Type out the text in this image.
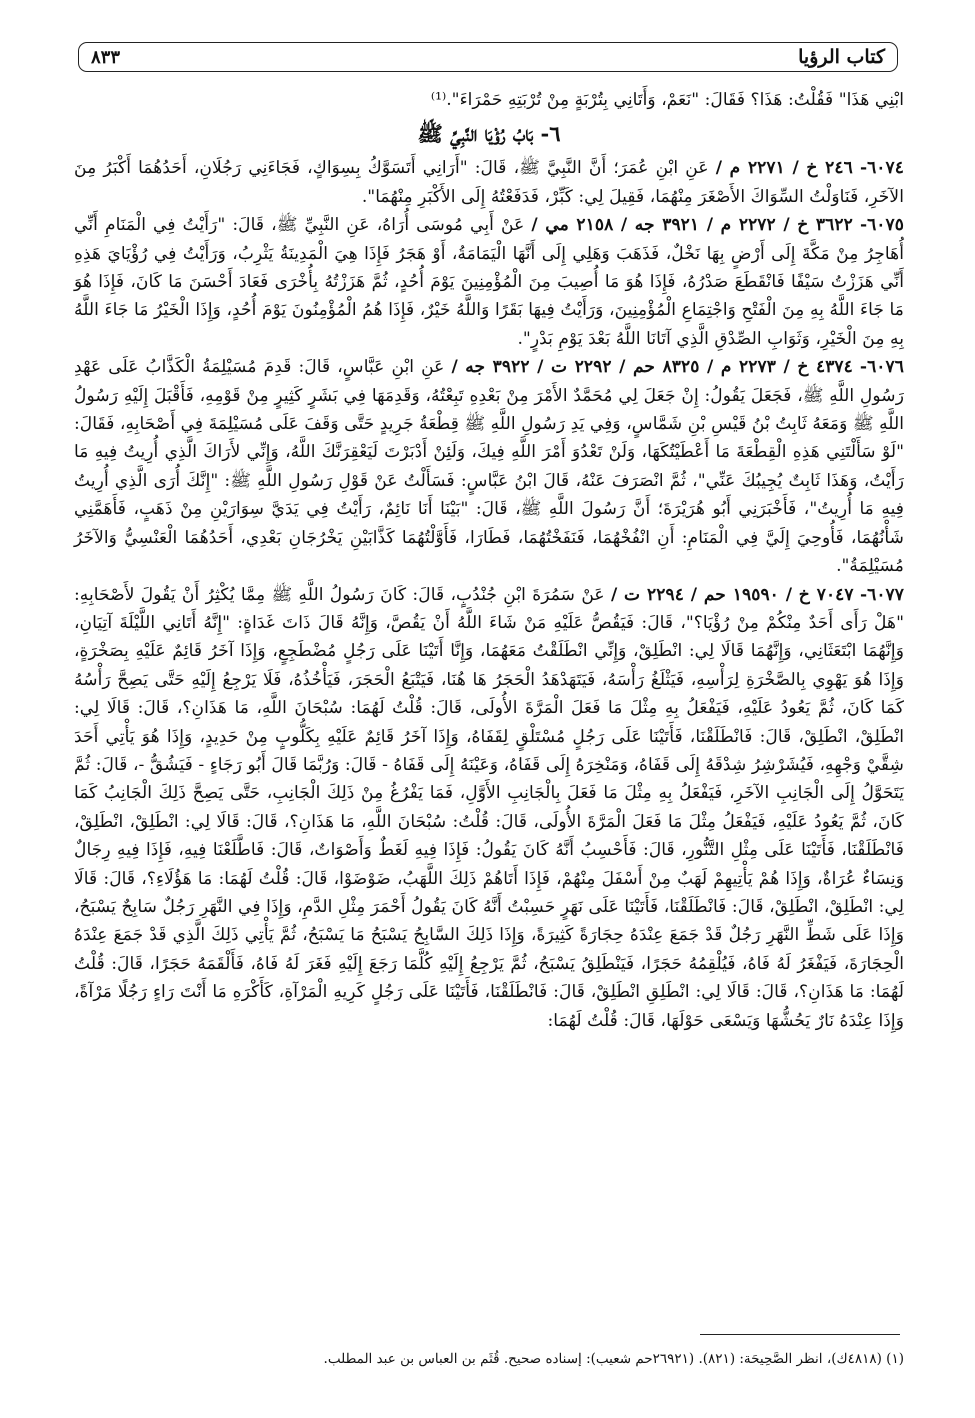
كتاب الرؤيا
٨٣٣

ابْنِي هَذَا" فَقُلْتُ: هَذَا؟ فَقَالَ: "نَعَمْ، وَأَتَانِي بِتُرْبَةٍ مِنْ تُرْبَتِهِ حَمْرَاءَ".⁽¹⁾

٦- بَابُ رُؤْيَا النَّبِيِّ ﷺ

٦٠٧٤- ٢٤٦ خ / ٢٢٧١ م / عَنِ ابْنِ عُمَرَ؛ أَنَّ النَّبِيَّ ﷺ، قَالَ: "أَرَانِي أَتَسَوَّكُ بِسِوَاكٍ، فَجَاءَنِي رَجُلَانِ، أَحَدُهُمَا أَكْبَرُ مِنَ الآخَرِ، فَنَاوَلْتُ السِّوَاكَ الأَصْغَرَ مِنْهُمَا، فَقِيلَ لِي: كَبِّرْ، فَدَفَعْتُهُ إِلَى الأَكْبَرِ مِنْهُمَا".

٦٠٧٥- ٣٦٢٢ خ / ٢٢٧٢ م / ٣٩٢١ جه / ٢١٥٨ مي / عَنْ أَبِي مُوسَى أُرَاهُ، عَنِ النَّبِيِّ ﷺ، قَالَ: "رَأَيْتُ فِي الْمَنَامِ أَنِّي أُهَاجِرُ مِنْ مَكَّةَ إِلَى أَرْضٍ بِهَا نَخْلٌ، فَذَهَبَ وَهَلِي إِلَى أَنَّهَا الْيَمَامَةُ، أَوْ هَجَرُ فَإِذَا هِيَ الْمَدِينَةُ يَثْرِبُ، وَرَأَيْتُ فِي رُؤْيَايَ هَذِهِ أَنِّي هَزَزْتُ سَيْفًا فَانْقَطَعَ صَدْرُهُ، فَإِذَا هُوَ مَا أُصِيبَ مِنَ الْمُؤْمِنِينَ يَوْمَ أُحُدٍ، ثُمَّ هَزَزْتُهُ بِأُخْرَى فَعَادَ أَحْسَنَ مَا كَانَ، فَإِذَا هُوَ مَا جَاءَ اللَّهُ بِهِ مِنَ الْفَتْحِ وَاجْتِمَاعِ الْمُؤْمِنِينَ، وَرَأَيْتُ فِيهَا بَقَرًا وَاللَّهُ خَيْرٌ، فَإِذَا هُمُ الْمُؤْمِنُونَ يَوْمَ أُحُدٍ، وَإِذَا الْخَيْرُ مَا جَاءَ اللَّهُ بِهِ مِنَ الْخَيْرِ، وَثَوَابِ الصِّدْقِ الَّذِي آتَانَا اللَّهُ بَعْدَ يَوْمِ بَدْرٍ".

٦٠٧٦- ٤٣٧٤ خ / ٢٢٧٣ م / ٨٣٢٥ حم / ٢٢٩٢ ت / ٣٩٢٢ جه / عَنِ ابْنِ عَبَّاسٍ، قَالَ: قَدِمَ مُسَيْلِمَةُ الْكَذَّابُ عَلَى عَهْدِ رَسُولِ اللَّهِ ﷺ، فَجَعَلَ يَقُولُ: إِنْ جَعَلَ لِي مُحَمَّدٌ الأَمْرَ مِنْ بَعْدِهِ تَبِعْتُهُ، وَقَدِمَهَا فِي بَشَرٍ كَثِيرٍ مِنْ قَوْمِهِ، فَأَقْبَلَ إِلَيْهِ رَسُولُ اللَّهِ ﷺ وَمَعَهُ ثَابِتُ بْنُ قَيْسِ بْنِ شَمَّاسٍ، وَفِي يَدِ رَسُولِ اللَّهِ ﷺ قِطْعَةُ جَرِيدٍ حَتَّى وَقَفَ عَلَى مُسَيْلِمَةَ فِي أَصْحَابِهِ، فَقَالَ: "لَوْ سَأَلْتَنِي هَذِهِ الْقِطْعَةَ مَا أَعْطَيْتُكَهَا، وَلَنْ تَعْدُوَ أَمْرَ اللَّهِ فِيكَ، وَلَئِنْ أَدْبَرْتَ لَيَعْقِرَنَّكَ اللَّهُ، وَإِنِّي لأَرَاكَ الَّذِي أُرِيتُ فِيهِ مَا رَأَيْتُ، وَهَذَا ثَابِتٌ يُجِيبُكَ عَنِّي"، ثُمَّ انْصَرَفَ عَنْهُ، قَالَ ابْنُ عَبَّاسٍ: فَسَأَلْتُ عَنْ قَوْلِ رَسُولِ اللَّهِ ﷺ: "إِنَّكَ أُرَى الَّذِي أُرِيتُ فِيهِ مَا أُرِيتُ"، فَأَخْبَرَنِي أَبُو هُرَيْرَةَ؛ أَنَّ رَسُولَ اللَّهِ ﷺ، قَالَ: "بَيْنَا أَنَا نَائِمٌ، رَأَيْتُ فِي يَدَيَّ سِوَارَيْنِ مِنْ ذَهَبٍ، فَأَهَمَّنِي شَأْنُهُمَا، فَأُوحِيَ إِلَيَّ فِي الْمَنَامِ: أَنِ انْفُخْهُمَا، فَنَفَخْتُهُمَا، فَطَارَا، فَأَوَّلْتُهُمَا كَذَّابَيْنِ يَخْرُجَانِ بَعْدِي، أَحَدُهُمَا الْعَنْسِيُّ وَالآخَرُ مُسَيْلِمَةُ".

٦٠٧٧- ٧٠٤٧ خ / ١٩٥٩٠ حم / ٢٢٩٤ ت / عَنْ سَمُرَةَ ابْنِ جُنْدُبٍ، قَالَ: كَانَ رَسُولُ اللَّهِ ﷺ مِمَّا يُكْثِرُ أَنْ يَقُولَ لأَصْحَابِهِ: "هَلْ رَأَى أَحَدٌ مِنْكُمْ مِنْ رُؤْيَا؟"، قَالَ: فَيَقُصُّ عَلَيْهِ مَنْ شَاءَ اللَّهُ أَنْ يَقُصَّ، وَإِنَّهُ قَالَ ذَاتَ غَدَاةٍ: "إِنَّهُ أَتَانِي اللَّيْلَةَ آتِيَانِ، وَإِنَّهُمَا ابْتَعَثَانِي، وَإِنَّهُمَا قَالَا لِي: انْطَلِقْ، وَإِنِّي انْطَلَقْتُ مَعَهُمَا، وَإِنَّا أَتَيْنَا عَلَى رَجُلٍ مُضْطَجِعٍ، وَإِذَا آخَرُ قَائِمٌ عَلَيْهِ بِصَخْرَةٍ، وَإِذَا هُوَ يَهْوِي بِالصَّخْرَةِ لِرَأْسِهِ، فَيَثْلَغُ رَأْسَهُ، فَيَتَهَدْهَدُ الْحَجَرُ هَا هُنَا، فَيَتْبَعُ الْحَجَرَ، فَيَأْخُذُهُ، فَلَا يَرْجِعُ إِلَيْهِ حَتَّى يَصِحَّ رَأْسُهُ كَمَا كَانَ، ثُمَّ يَعُودُ عَلَيْهِ، فَيَفْعَلُ بِهِ مِثْلَ مَا فَعَلَ الْمَرَّةَ الأُولَى، قَالَ: قُلْتُ لَهُمَا: سُبْحَانَ اللَّهِ، مَا هَذَانِ؟، قَالَ: قَالَا لِي: انْطَلِقْ، انْطَلِقْ، قَالَ: فَانْطَلَقْنَا، فَأَتَيْنَا عَلَى رَجُلٍ مُسْتَلْقٍ لِقَفَاهُ، وَإِذَا آخَرُ قَائِمٌ عَلَيْهِ بِكَلُّوبٍ مِنْ حَدِيدٍ، وَإِذَا هُوَ يَأْتِي أَحَدَ شِقَّيْ وَجْهِهِ، فَيُشَرْشِرُ شِدْقَهُ إِلَى قَفَاهُ، وَمَنْخِرَهُ إِلَى قَفَاهُ، وَعَيْنَهُ إِلَى قَفَاهُ - قَالَ: وَرُبَّمَا قَالَ أَبُو رَجَاءٍ - فَيَشُقُّ -، قَالَ: ثُمَّ يَتَحَوَّلُ إِلَى الْجَانِبِ الآخَرِ، فَيَفْعَلُ بِهِ مِثْلَ مَا فَعَلَ بِالْجَانِبِ الأَوَّلِ، فَمَا يَفْرُغُ مِنْ ذَلِكَ الْجَانِبِ، حَتَّى يَصِحَّ ذَلِكَ الْجَانِبُ كَمَا كَانَ، ثُمَّ يَعُودُ عَلَيْهِ، فَيَفْعَلُ مِثْلَ مَا فَعَلَ الْمَرَّةَ الأُولَى، قَالَ: قُلْتُ: سُبْحَانَ اللَّهِ، مَا هَذَانِ؟، قَالَ: قَالَا لِي: انْطَلِقْ، انْطَلِقْ، فَانْطَلَقْنَا، فَأَتَيْنَا عَلَى مِثْلِ التَّنُّورِ، قَالَ: فَأَحْسِبُ أَنَّهُ كَانَ يَقُولُ: فَإِذَا فِيهِ لَغَطٌ وَأَصْوَاتٌ، قَالَ: فَاطَّلَعْنَا فِيهِ، فَإِذَا فِيهِ رِجَالٌ وَنِسَاءٌ عُرَاةٌ، وَإِذَا هُمْ يَأْتِيهِمْ لَهَبٌ مِنْ أَسْفَلَ مِنْهُمْ، فَإِذَا أَتَاهُمْ ذَلِكَ اللَّهَبُ، ضَوْضَوْا، قَالَ: قُلْتُ لَهُمَا: مَا هَؤُلَاءِ؟، قَالَ: قَالَا لِي: انْطَلِقْ، انْطَلِقْ، قَالَ: فَانْطَلَقْنَا، فَأَتَيْنَا عَلَى نَهَرٍ حَسِبْتُ أَنَّهُ كَانَ يَقُولُ أَحْمَرَ مِثْلِ الدَّمِ، وَإِذَا فِي النَّهَرِ رَجُلٌ سَابِحٌ يَسْبَحُ، وَإِذَا عَلَى شَطِّ النَّهَرِ رَجُلٌ قَدْ جَمَعَ عِنْدَهُ حِجَارَةً كَثِيرَةً، وَإِذَا ذَلِكَ السَّابِحُ يَسْبَحُ مَا يَسْبَحُ، ثُمَّ يَأْتِي ذَلِكَ الَّذِي قَدْ جَمَعَ عِنْدَهُ الْحِجَارَةَ، فَيَفْغَرُ لَهُ فَاهُ، فَيُلْقِمُهُ حَجَرًا، فَيَنْطَلِقُ يَسْبَحُ، ثُمَّ يَرْجِعُ إِلَيْهِ كُلَّمَا رَجَعَ إِلَيْهِ فَغَرَ لَهُ فَاهُ، فَأَلْقَمَهُ حَجَرًا، قَالَ: قُلْتُ لَهُمَا: مَا هَذَانِ؟، قَالَ: قَالَا لِي: انْطَلِقِ انْطَلِقْ، قَالَ: فَانْطَلَقْنَا، فَأَتَيْنَا عَلَى رَجُلٍ كَرِيهِ الْمَرْآةِ، كَأَكْرَهِ مَا أَنْتَ رَاءٍ رَجُلًا مَرْآةً، وَإِذَا عِنْدَهُ نَارٌ يَحُشُّهَا وَيَسْعَى حَوْلَهَا، قَالَ: قُلْتُ لَهُمَا:

(١) (٤٨١٨ك)، انظر الصَّحِيحَة: (٨٢١). (٢٦٩٢١حم شعيب): إسناده صحيح. قُثَم بن العباس بن عبد المطلب.
